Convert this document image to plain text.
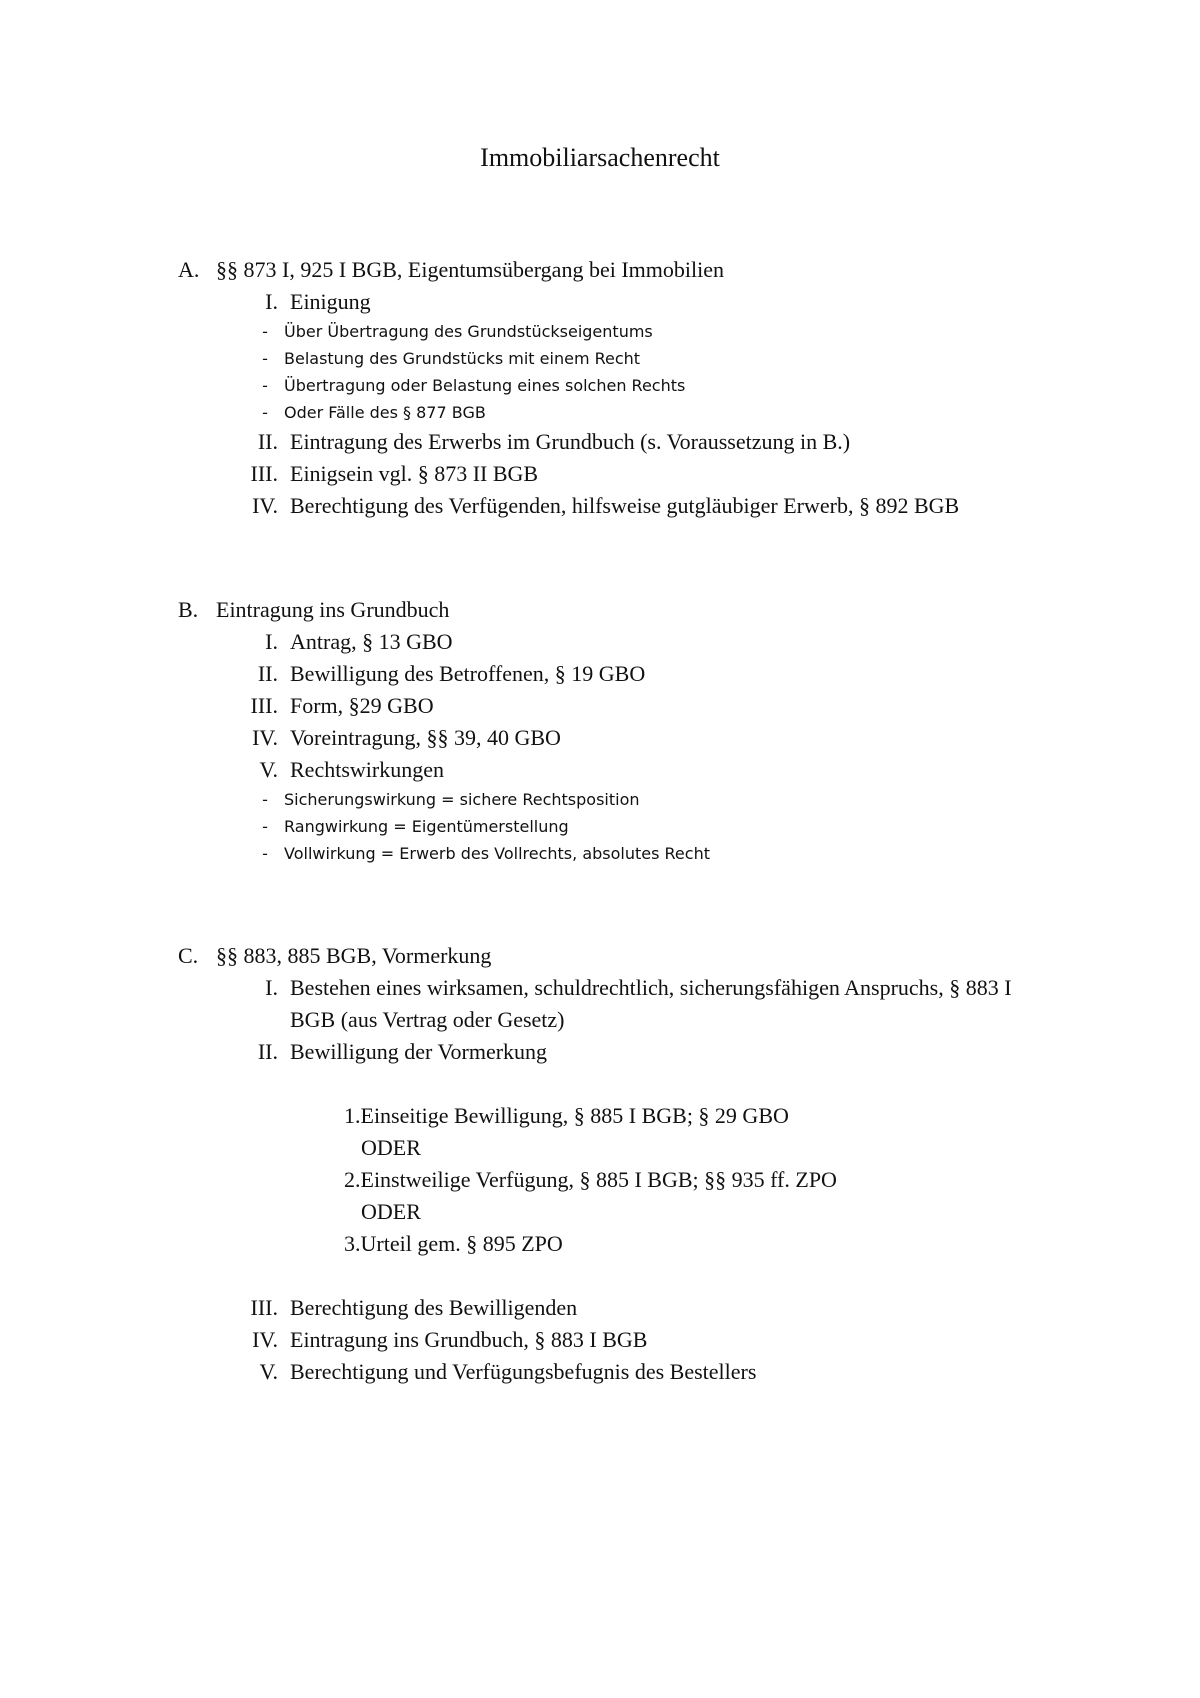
Immobiliarsachenrecht
A. §§ 873 I, 925 I BGB, Eigentumsübergang bei Immobilien
I. Einigung
-	Über Übertragung des Grundstückseigentums
-	Belastung des Grundstücks mit einem Recht
-	Übertragung oder Belastung eines solchen Rechts
-	Oder Fälle des § 877 BGB
II. Eintragung des Erwerbs im Grundbuch (s. Voraussetzung in B.)
III. Einigsein vgl. § 873 II BGB
IV. Berechtigung des Verfügenden, hilfsweise gutgläubiger Erwerb, § 892 BGB
B. Eintragung ins Grundbuch
I. Antrag, § 13 GBO
II. Bewilligung des Betroffenen, § 19 GBO
III. Form, §29 GBO
IV. Voreintragung, §§ 39, 40 GBO
V. Rechtswirkungen
-	Sicherungswirkung = sichere Rechtsposition
-	Rangwirkung = Eigentümerstellung
-	Vollwirkung = Erwerb des Vollrechts, absolutes Recht
C. §§ 883, 885 BGB, Vormerkung
I. Bestehen eines wirksamen, schuldrechtlich, sicherungsfähigen Anspruchs, § 883 I BGB (aus Vertrag oder Gesetz)
II. Bewilligung der Vormerkung
1.Einseitige Bewilligung, § 885 I BGB; § 29 GBO
ODER
2.Einstweilige Verfügung, § 885 I BGB; §§ 935 ff. ZPO
ODER
3.Urteil gem. § 895 ZPO
III. Berechtigung des Bewilligenden
IV. Eintragung ins Grundbuch, § 883 I BGB
V. Berechtigung und Verfügungsbefugnis des Bestellers
